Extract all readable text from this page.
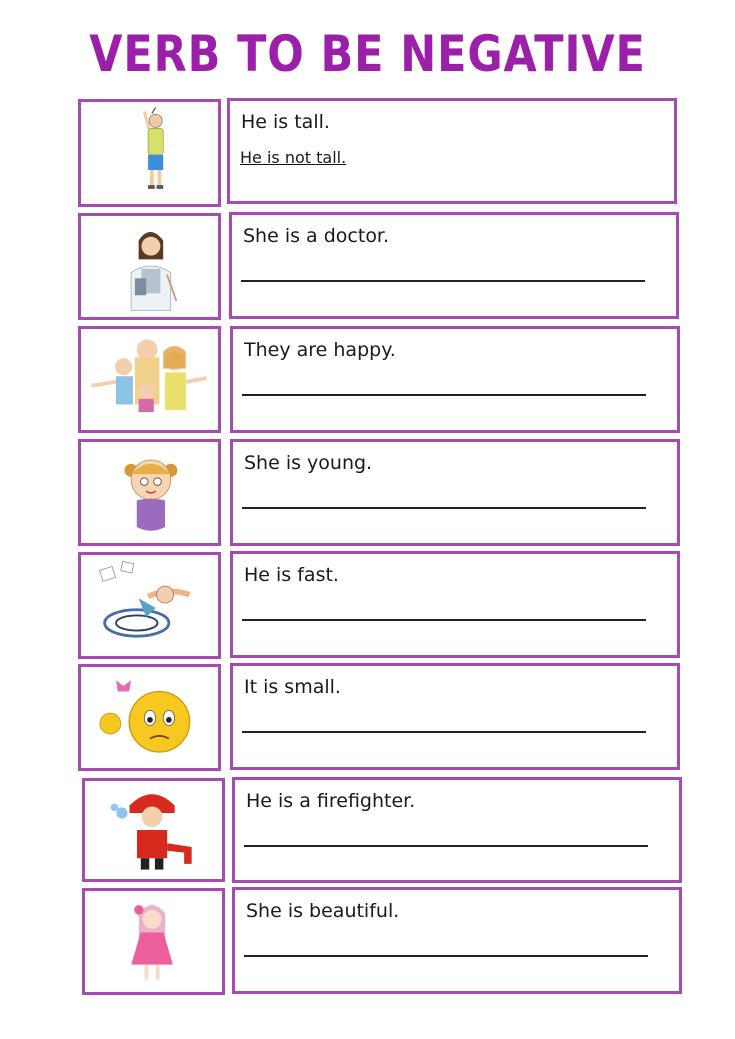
VERB TO BE NEGATIVE
He is tall.
He is not tall.
She is a doctor.
They are happy.
She is young.
He is fast.
It is small.
He is a firefighter.
She is beautiful.
